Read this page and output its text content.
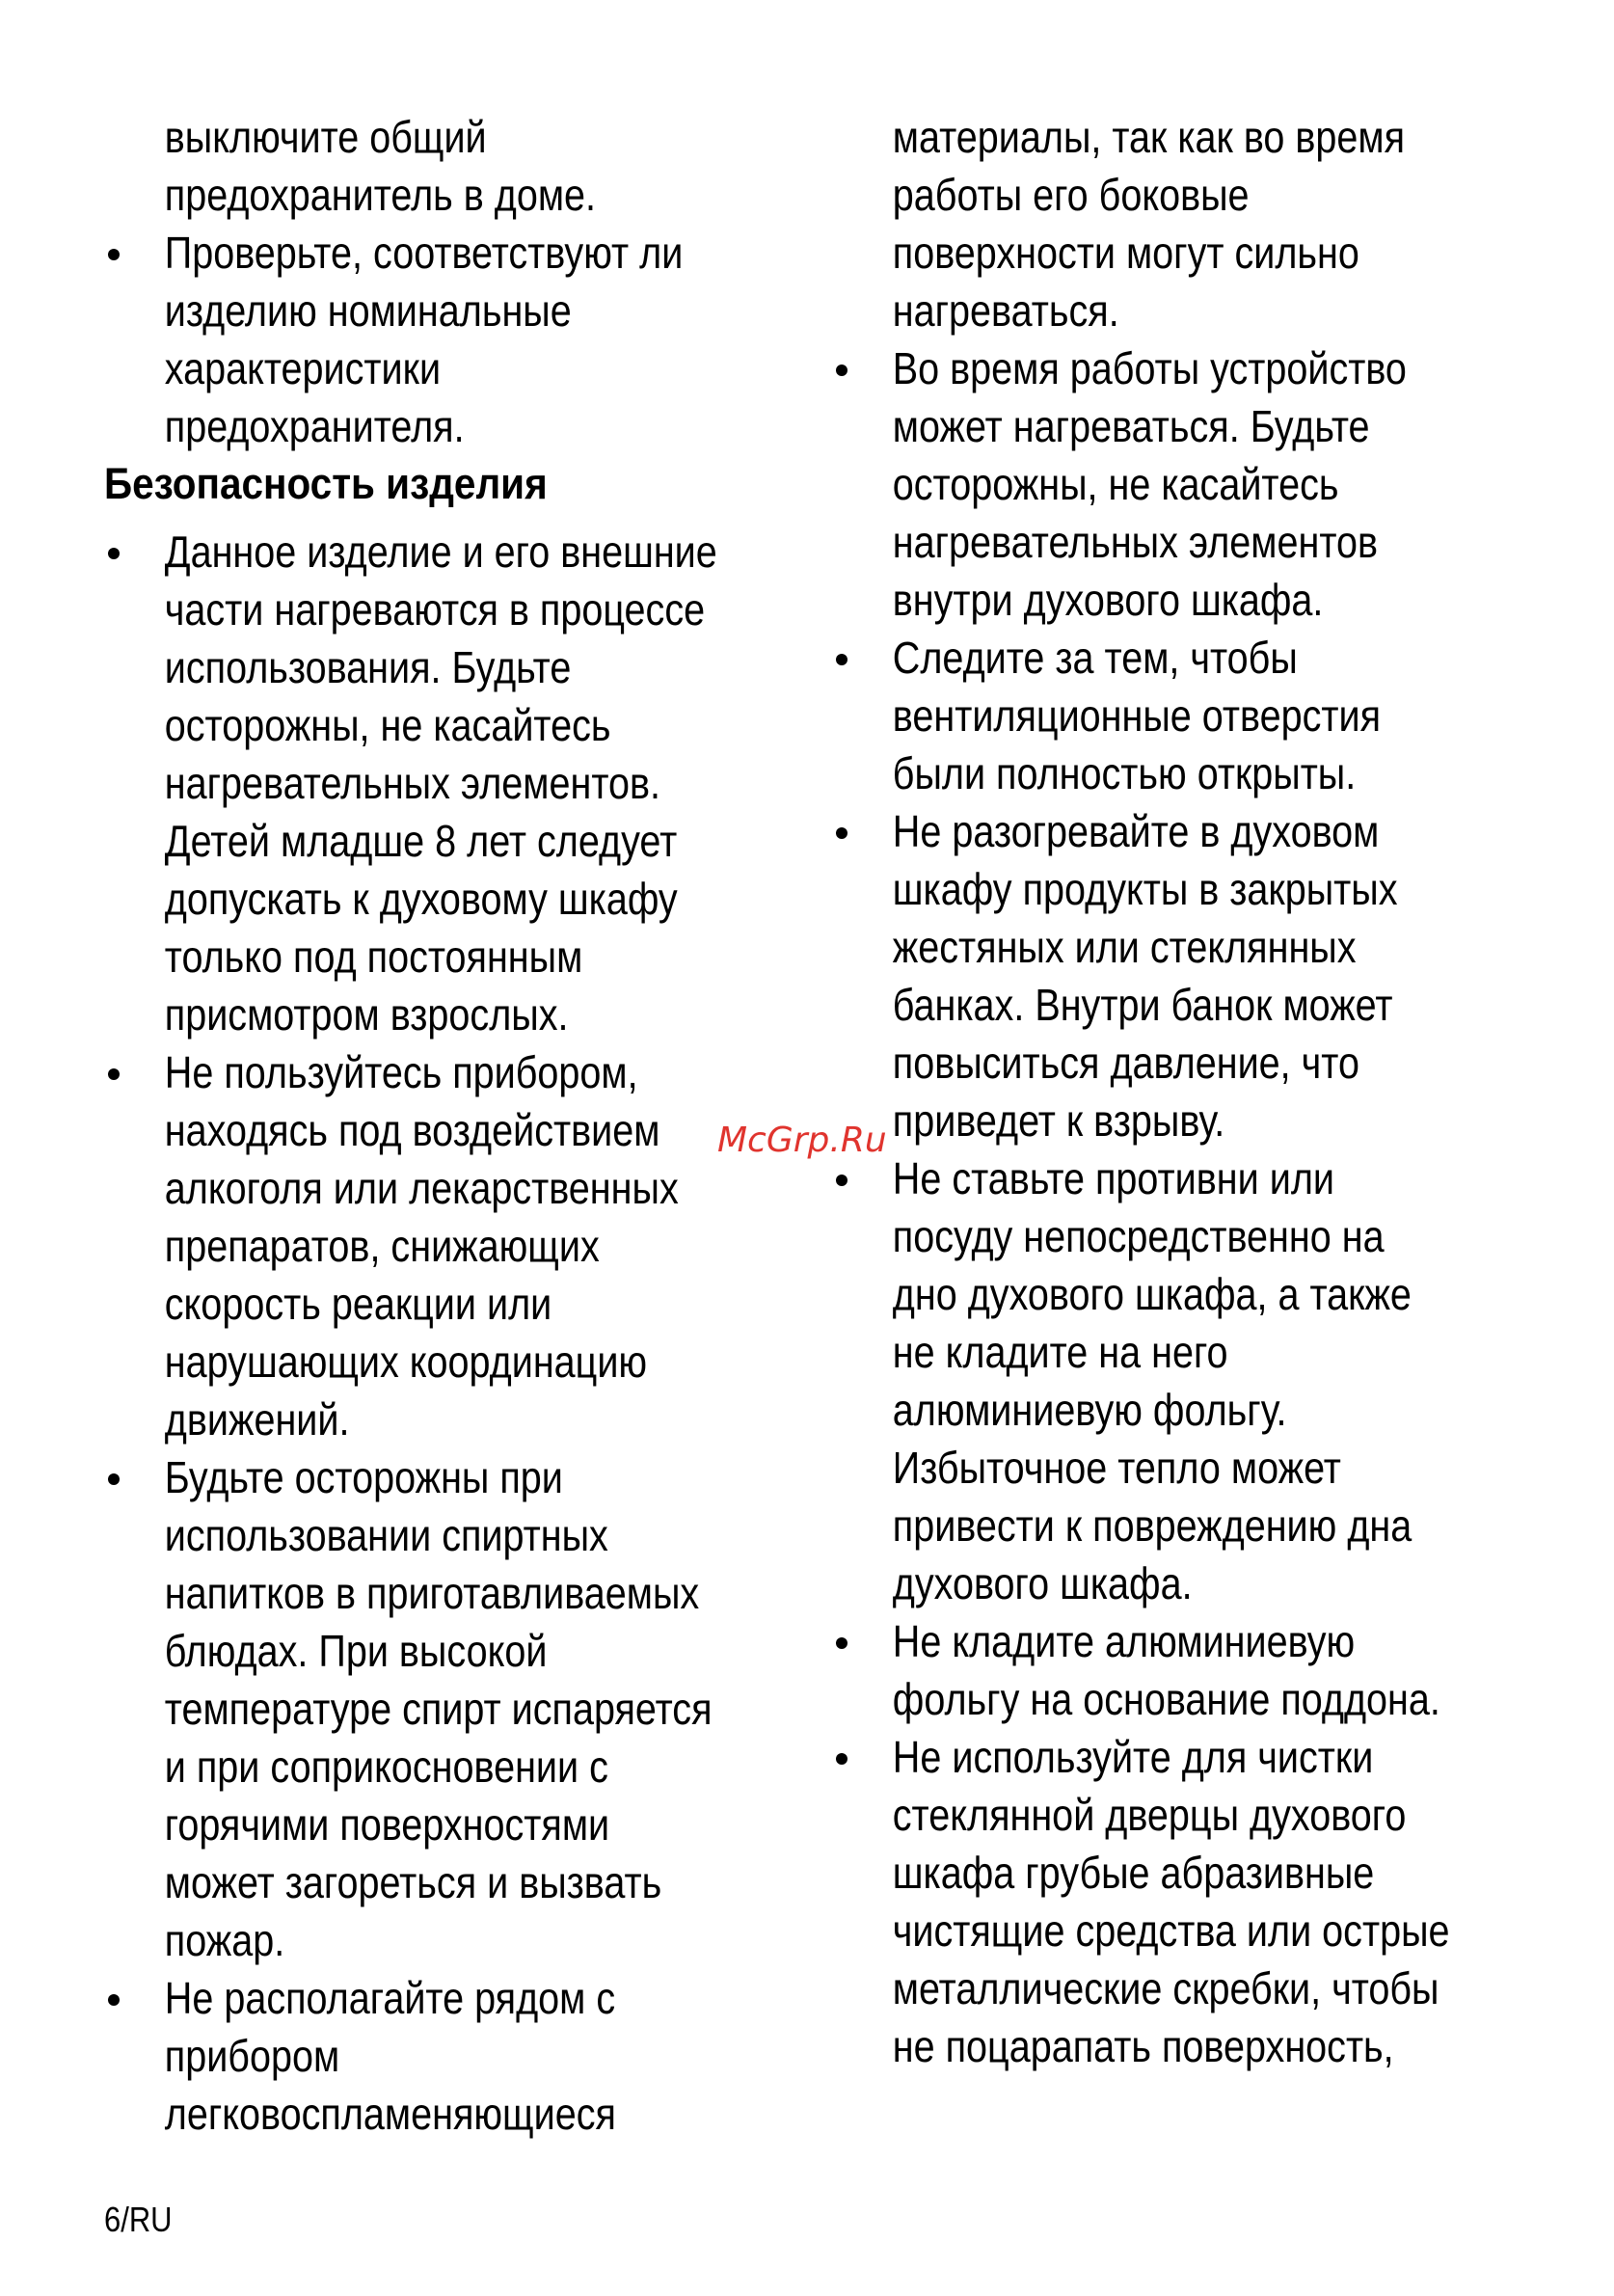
выключите общий
предохранитель в доме.
Проверьте, соответствуют ли
изделию номинальные
характеристики
предохранителя.
Безопасность изделия
Данное изделие и его внешние
части нагреваются в процессе
использования. Будьте
осторожны, не касайтесь
нагревательных элементов.
Детей младше 8 лет следует
допускать к духовому шкафу
только под постоянным
присмотром взрослых.
Не пользуйтесь прибором,
находясь под воздействием
алкоголя или лекарственных
препаратов, снижающих
скорость реакции или
нарушающих координацию
движений.
Будьте осторожны при
использовании спиртных
напитков в приготавливаемых
блюдах. При высокой
температуре спирт испаряется
и при соприкосновении с
горячими поверхностями
может загореться и вызвать
пожар.
Не располагайте рядом с
прибором
легковоспламеняющиеся
материалы, так как во время
работы его боковые
поверхности могут сильно
нагреваться.
Во время работы устройство
может нагреваться. Будьте
осторожны, не касайтесь
нагревательных элементов
внутри духового шкафа.
Следите за тем, чтобы
вентиляционные отверстия
были полностью открыты.
Не разогревайте в духовом
шкафу продукты в закрытых
жестяных или стеклянных
банках. Внутри банок может
повыситься давление, что
приведет к взрыву.
Не ставьте противни или
посуду непосредственно на
дно духового шкафа, а также
не кладите на него
алюминиевую фольгу.
Избыточное тепло может
привести к повреждению дна
духового шкафа.
Не кладите алюминиевую
фольгу на основание поддона.
Не используйте для чистки
стеклянной дверцы духового
шкафа грубые абразивные
чистящие средства или острые
металлические скребки, чтобы
не поцарапать поверхность,
McGrp.Ru
6/RU
